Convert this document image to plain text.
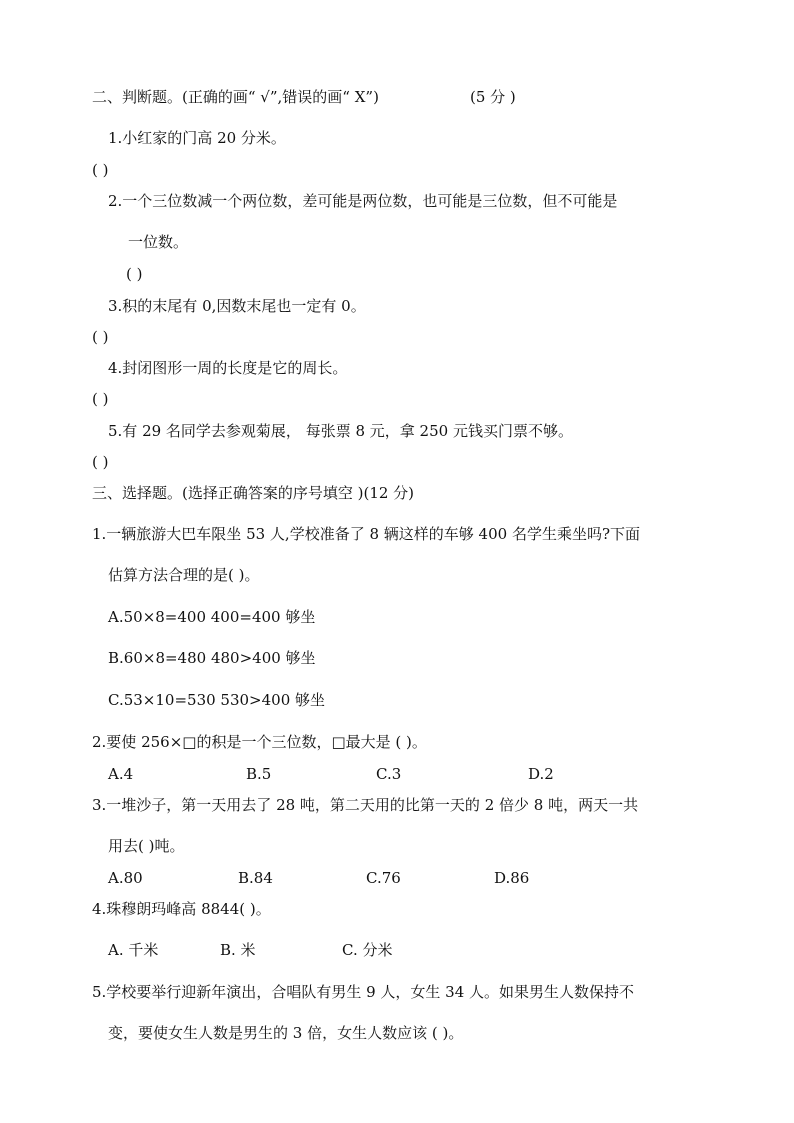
二、判断题。(正确的画“ √”,错误的画“ X”)	(5 分 )
1.小红家的门高 20 分米。
( )
2.一个三位数减一个两位数，差可能是两位数，也可能是三位数，但不可能是
一位数。
( )
3.积的末尾有 0,因数末尾也一定有 0。
( )
4.封闭图形一周的长度是它的周长。
( )
5.有 29 名同学去参观菊展， 每张票 8 元，拿 250 元钱买门票不够。
( )
三、选择题。(选择正确答案的序号填空 )(12 分)
1.一辆旅游大巴车限坐 53 人,学校准备了 8 辆这样的车够 400 名学生乘坐吗?下面
估算方法合理的是( )。
A.50×8=400 400=400 够坐
B.60×8=480 480>400 够坐
C.53×10=530 530>400 够坐
2.要使 256×□的积是一个三位数，□最大是 ( )。
A.4	B.5	C.3	D.2
3.一堆沙子，第一天用去了 28 吨，第二天用的比第一天的 2 倍少 8 吨，两天一共
用去( )吨。
A.80	B.84	C.76	D.86
4.珠穆朗玛峰高 8844( )。
A. 千米	B. 米	C. 分米
5.学校要举行迎新年演出，合唱队有男生 9 人，女生 34 人。如果男生人数保持不
变，要使女生人数是男生的 3 倍，女生人数应该 ( )。
